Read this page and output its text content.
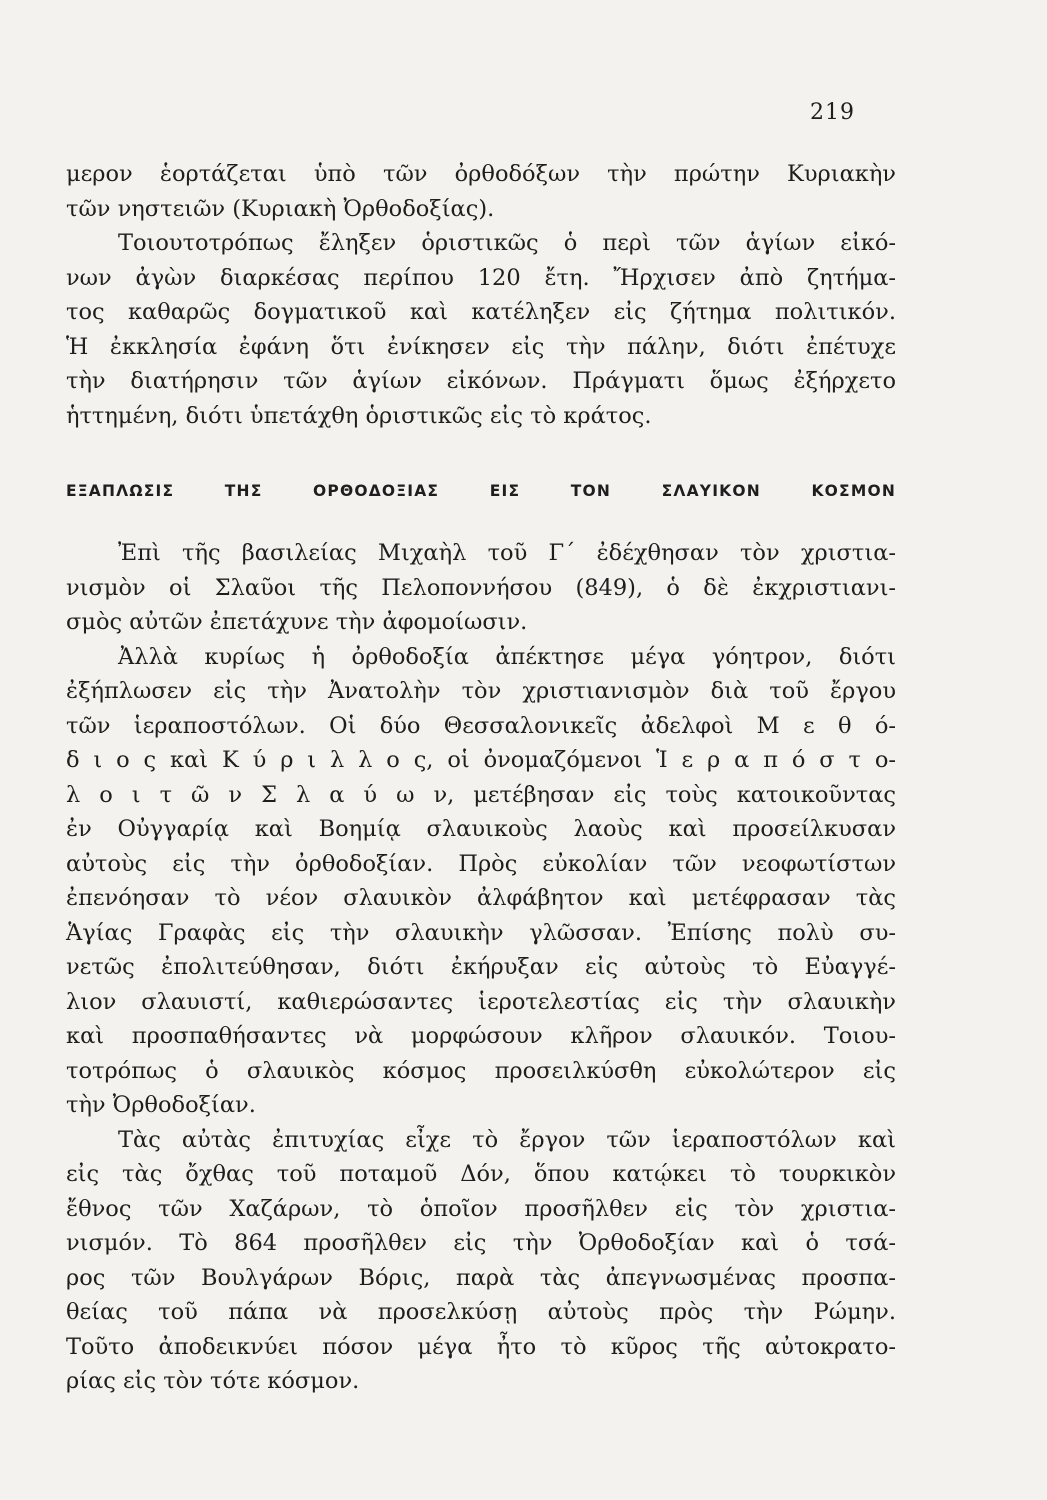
219
μερον ἑορτάζεται ὑπὸ τῶν ὀρθοδόξων τὴν πρώτην Κυριακὴν
τῶν νηστειῶν (Κυριακὴ Ὀρθοδοξίας).
Τοιουτοτρόπως ἔληξεν ὁριστικῶς ὁ περὶ τῶν ἁγίων εἰκό-
νων ἀγὼν διαρκέσας περίπου 120 ἔτη. Ἤρχισεν ἀπὸ ζητήμα-
τος καθαρῶς δογματικοῦ καὶ κατέληξεν εἰς ζήτημα πολιτικόν.
Ἡ ἐκκλησία ἐφάνη ὅτι ἐνίκησεν εἰς τὴν πάλην, διότι ἐπέτυχε
τὴν διατήρησιν τῶν ἁγίων εἰκόνων. Πράγματι ὅμως ἐξήρχετο
ἡττημένη, διότι ὑπετάχθη ὁριστικῶς εἰς τὸ κράτος.
ΕΞΑΠΛΩΣΙΣ ΤΗΣ ΟΡΘΟΔΟΞΙΑΣ ΕΙΣ ΤΟΝ ΣΛΑΥΙΚΟΝ ΚΟΣΜΟΝ
Ἐπὶ τῆς βασιλείας Μιχαὴλ τοῦ Γ΄ ἐδέχθησαν τὸν χριστια-
νισμὸν οἱ Σλαῦοι τῆς Πελοποννήσου (849), ὁ δὲ ἐκχριστιανι-
σμὸς αὐτῶν ἐπετάχυνε τὴν ἀφομοίωσιν.
Ἀλλὰ κυρίως ἡ ὀρθοδοξία ἀπέκτησε μέγα γόητρον, διότι
ἐξήπλωσεν εἰς τὴν Ἀνατολὴν τὸν χριστιανισμὸν διὰ τοῦ ἔργου
τῶν ἱεραποστόλων. Οἱ δύο Θεσσαλονικεῖς ἀδελφοὶ Μ ε θ ό-
δ ι ο ς καὶ Κ ύ ρ ι λ λ ο ς, οἱ ὀνομαζόμενοι Ἱ ε ρ α π ό σ τ ο-
λ ο ι τ ῶ ν Σ λ α ύ ω ν, μετέβησαν εἰς τοὺς κατοικοῦντας
ἐν Οὐγγαρίᾳ καὶ Βοημίᾳ σλαυικοὺς λαοὺς καὶ προσείλκυσαν
αὐτοὺς εἰς τὴν ὀρθοδοξίαν. Πρὸς εὐκολίαν τῶν νεοφωτίστων
ἐπενόησαν τὸ νέον σλαυικὸν ἀλφάβητον καὶ μετέφρασαν τὰς
Ἁγίας Γραφὰς εἰς τὴν σλαυικὴν γλῶσσαν. Ἐπίσης πολὺ συ-
νετῶς ἐπολιτεύθησαν, διότι ἐκήρυξαν εἰς αὐτοὺς τὸ Εὐαγγέ-
λιον σλαυιστί, καθιερώσαντες ἱεροτελεστίας εἰς τὴν σλαυικὴν
καὶ προσπαθήσαντες νὰ μορφώσουν κλῆρον σλαυικόν. Τοιου-
τοτρόπως ὁ σλαυικὸς κόσμος προσειλκύσθη εὐκολώτερον εἰς
τὴν Ὀρθοδοξίαν.
Τὰς αὐτὰς ἐπιτυχίας εἶχε τὸ ἔργον τῶν ἱεραποστόλων καὶ
εἰς τὰς ὄχθας τοῦ ποταμοῦ Δόν, ὅπου κατῴκει τὸ τουρκικὸν
ἔθνος τῶν Χαζάρων, τὸ ὁποῖον προσῆλθεν εἰς τὸν χριστια-
νισμόν. Τὸ 864 προσῆλθεν εἰς τὴν Ὀρθοδοξίαν καὶ ὁ τσά-
ρος τῶν Βουλγάρων Βόρις, παρὰ τὰς ἀπεγνωσμένας προσπα-
θείας τοῦ πάπα νὰ προσελκύσῃ αὐτοὺς πρὸς τὴν Ρώμην.
Τοῦτο ἀποδεικνύει πόσον μέγα ἦτο τὸ κῦρος τῆς αὐτοκρατο-
ρίας εἰς τὸν τότε κόσμον.
